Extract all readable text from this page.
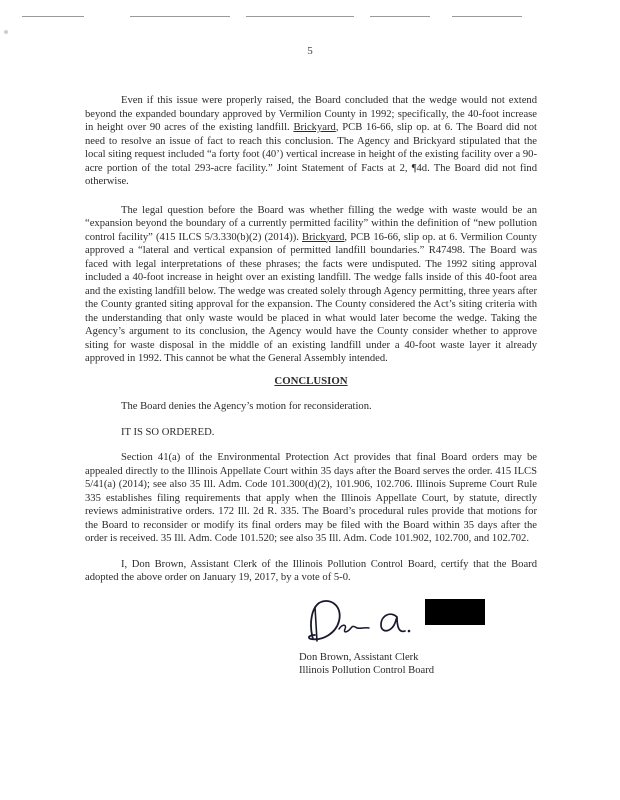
5

Even if this issue were properly raised, the Board concluded that the wedge would not extend beyond the expanded boundary approved by Vermilion County in 1992; specifically, the 40-foot increase in height over 90 acres of the existing landfill. Brickyard, PCB 16-66, slip op. at 6. The Board did not need to resolve an issue of fact to reach this conclusion. The Agency and Brickyard stipulated that the local siting request included “a forty foot (40’) vertical increase in height of the existing facility over a 90-acre portion of the total 293-acre facility.” Joint Statement of Facts at 2, ¶4d. The Board did not find otherwise.

The legal question before the Board was whether filling the wedge with waste would be an “expansion beyond the boundary of a currently permitted facility” within the definition of “new pollution control facility” (415 ILCS 5/3.330(b)(2) (2014)). Brickyard, PCB 16-66, slip op. at 6. Vermilion County approved a “lateral and vertical expansion of permitted landfill boundaries.” R47498. The Board was faced with legal interpretations of these phrases; the facts were undisputed. The 1992 siting approval included a 40-foot increase in height over an existing landfill. The wedge falls inside of this 40-foot area and the existing landfill below. The wedge was created solely through Agency permitting, three years after the County granted siting approval for the expansion. The County considered the Act’s siting criteria with the understanding that only waste would be placed in what would later become the wedge. Taking the Agency’s argument to its conclusion, the Agency would have the County consider whether to approve siting for waste disposal in the middle of an existing landfill under a 40-foot waste layer it already approved in 1992. This cannot be what the General Assembly intended.

CONCLUSION

The Board denies the Agency’s motion for reconsideration.

IT IS SO ORDERED.

Section 41(a) of the Environmental Protection Act provides that final Board orders may be appealed directly to the Illinois Appellate Court within 35 days after the Board serves the order. 415 ILCS 5/41(a) (2014); see also 35 Ill. Adm. Code 101.300(d)(2), 101.906, 102.706. Illinois Supreme Court Rule 335 establishes filing requirements that apply when the Illinois Appellate Court, by statute, directly reviews administrative orders. 172 Ill. 2d R. 335. The Board’s procedural rules provide that motions for the Board to reconsider or modify its final orders may be filed with the Board within 35 days after the order is received. 35 Ill. Adm. Code 101.520; see also 35 Ill. Adm. Code 101.902, 102.700, and 102.702.

I, Don Brown, Assistant Clerk of the Illinois Pollution Control Board, certify that the Board adopted the above order on January 19, 2017, by a vote of 5-0.

Don Brown, Assistant Clerk
Illinois Pollution Control Board
